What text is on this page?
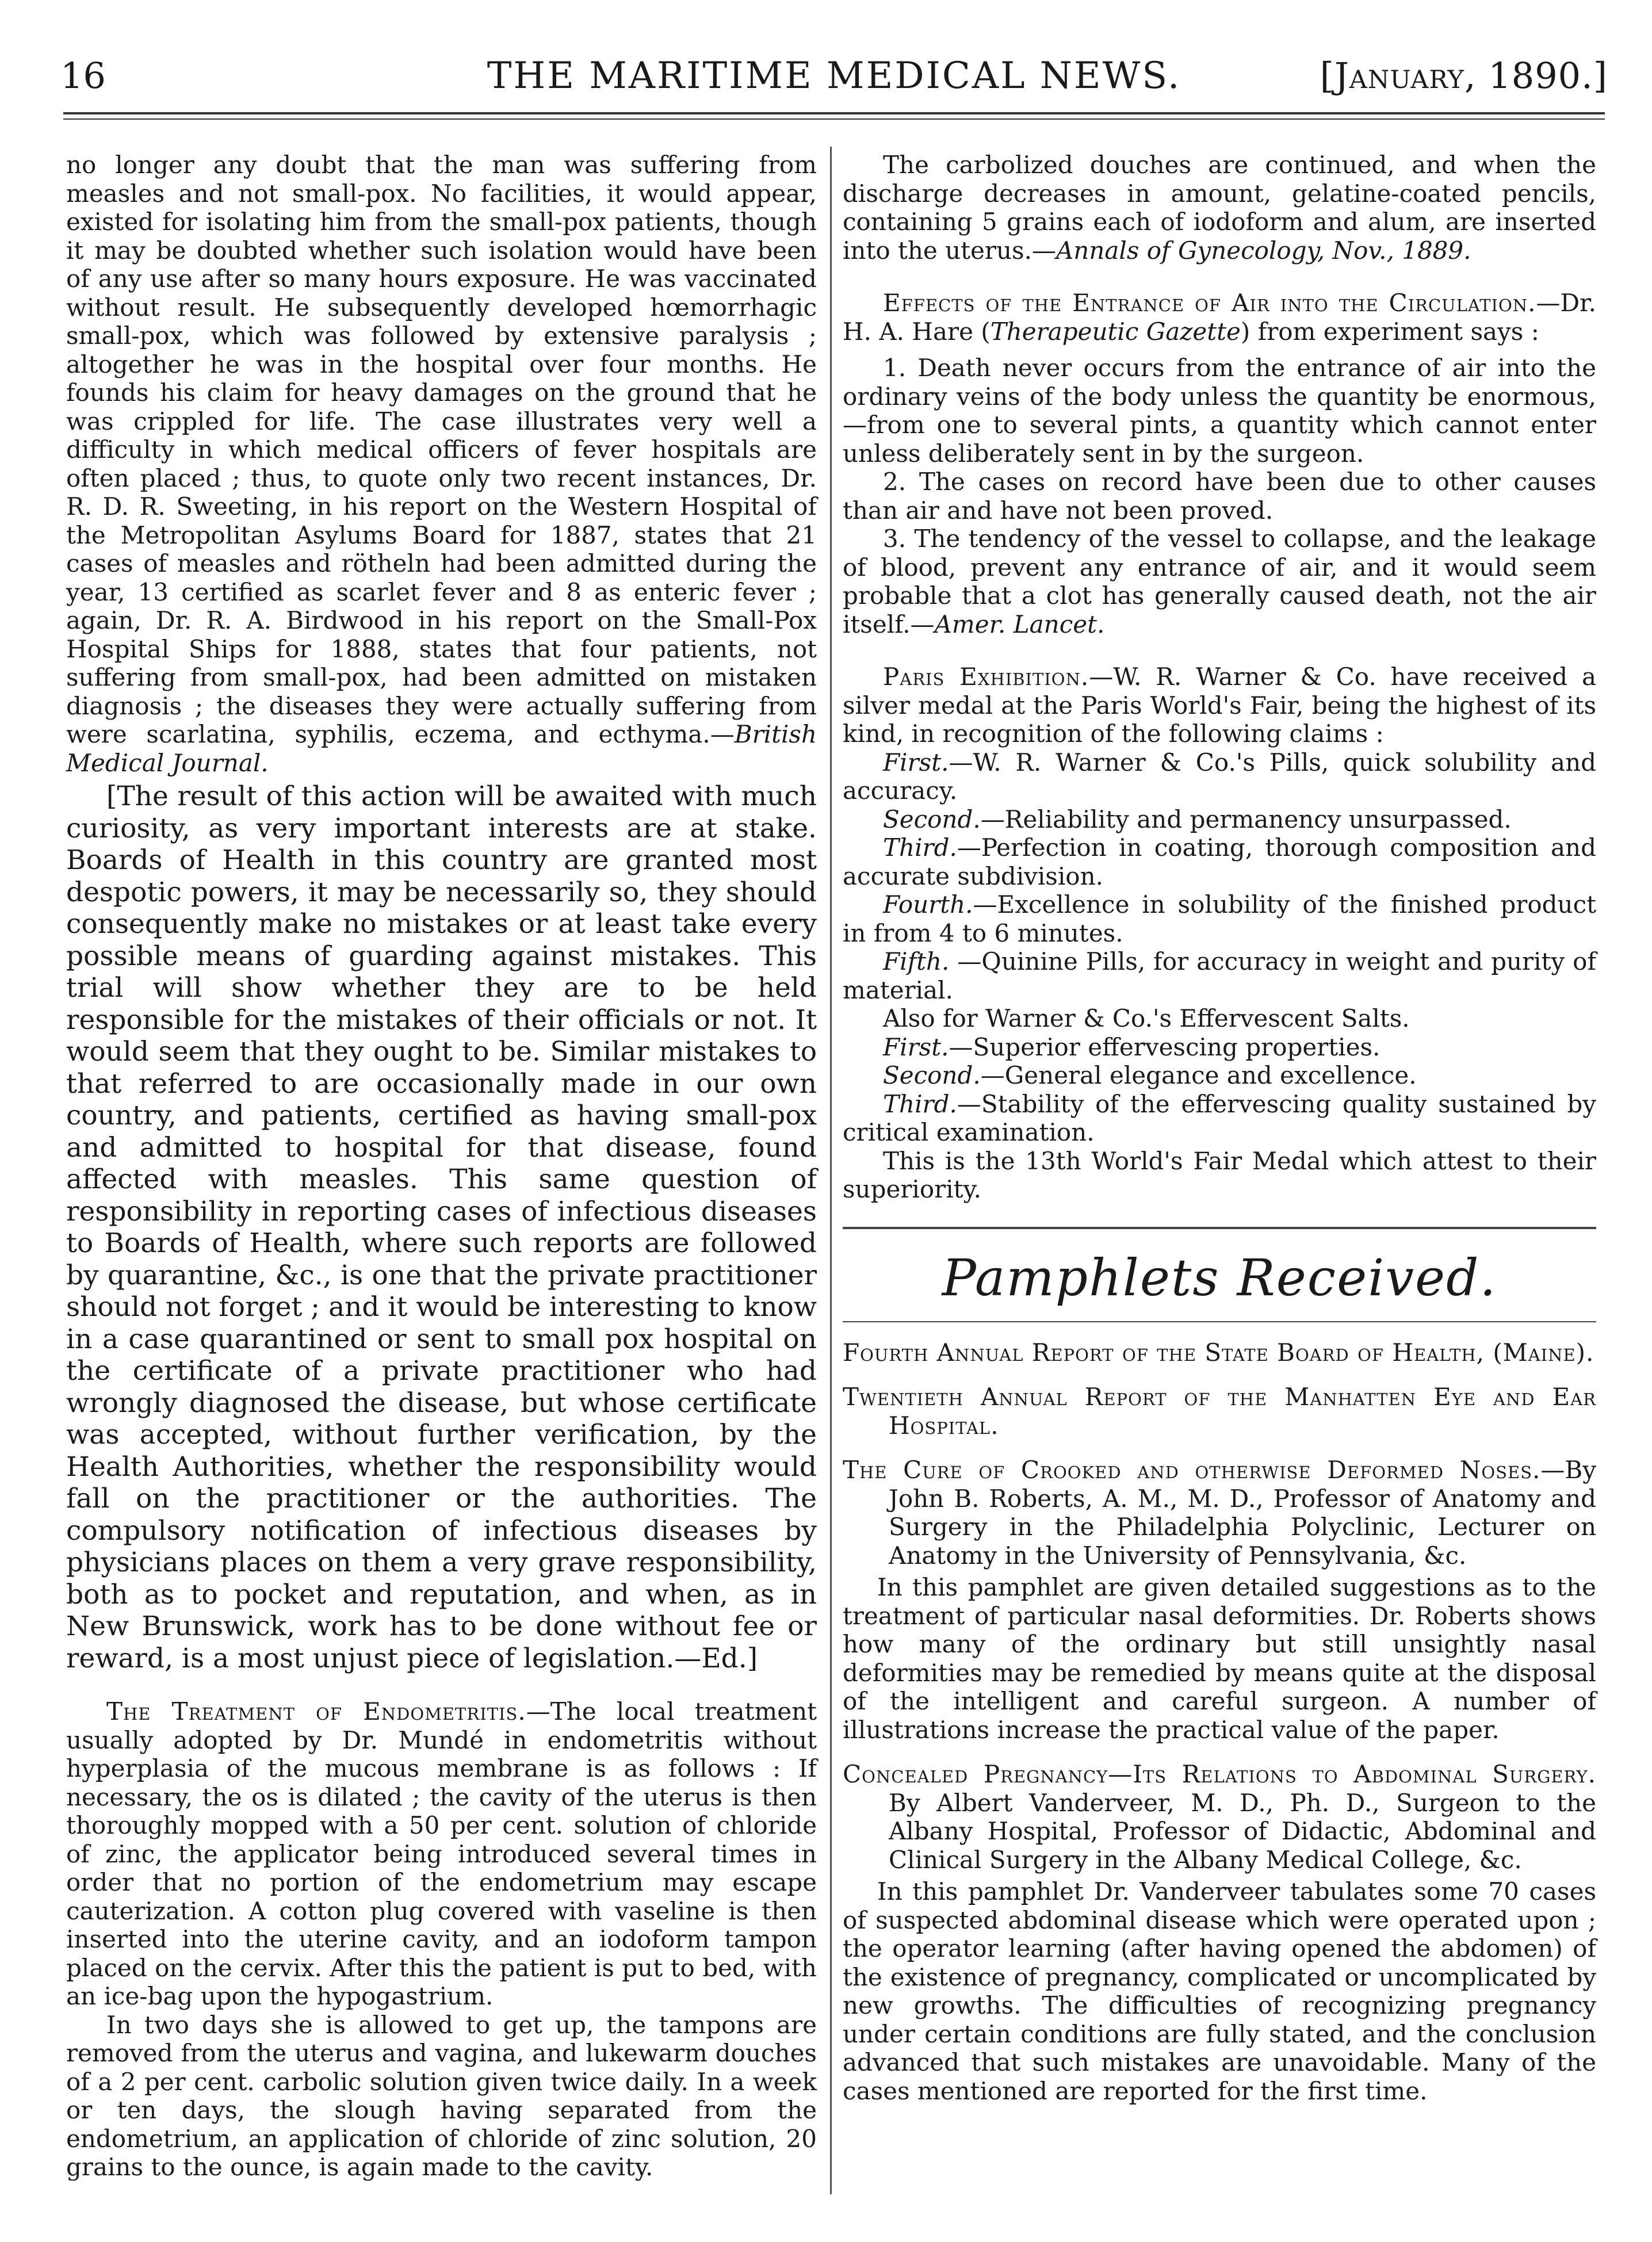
16	THE MARITIME MEDICAL NEWS.	[January, 1890.]

no longer any doubt that the man was suffering from measles and not small-pox. No facilities, it would appear, existed for isolating him from the small-pox patients, though it may be doubted whether such isolation would have been of any use after so many hours exposure. He was vaccinated without result. He subsequently developed hœmorrhagic small-pox, which was followed by extensive paralysis ; altogether he was in the hospital over four months. He founds his claim for heavy damages on the ground that he was crippled for life. The case illustrates very well a difficulty in which medical officers of fever hospitals are often placed ; thus, to quote only two recent instances, Dr. R. D. R. Sweeting, in his report on the Western Hospital of the Metropolitan Asylums Board for 1887, states that 21 cases of measles and rötheln had been admitted during the year, 13 certified as scarlet fever and 8 as enteric fever ; again, Dr. R. A. Birdwood in his report on the Small-Pox Hospital Ships for 1888, states that four patients, not suffering from small-pox, had been admitted on mistaken diagnosis ; the diseases they were actually suffering from were scarlatina, syphilis, eczema, and ecthyma.—British Medical Journal.

[The result of this action will be awaited with much curiosity, as very important interests are at stake. Boards of Health in this country are granted most despotic powers, it may be necessarily so, they should consequently make no mistakes or at least take every possible means of guarding against mistakes. This trial will show whether they are to be held responsible for the mistakes of their officials or not. It would seem that they ought to be. Similar mistakes to that referred to are occasionally made in our own country, and patients, certified as having small-pox and admitted to hospital for that disease, found affected with measles. This same question of responsibility in reporting cases of infectious diseases to Boards of Health, where such reports are followed by quarantine, &c., is one that the private practitioner should not forget ; and it would be interesting to know in a case quarantined or sent to small pox hospital on the certificate of a private practitioner who had wrongly diagnosed the disease, but whose certificate was accepted, without further verification, by the Health Authorities, whether the responsibility would fall on the practitioner or the authorities. The compulsory notification of infectious diseases by physicians places on them a very grave responsibility, both as to pocket and reputation, and when, as in New Brunswick, work has to be done without fee or reward, is a most unjust piece of legislation.—Ed.]

The Treatment of Endometritis.—The local treatment usually adopted by Dr. Mundé in endometritis without hyperplasia of the mucous membrane is as follows : If necessary, the os is dilated ; the cavity of the uterus is then thoroughly mopped with a 50 per cent. solution of chloride of zinc, the applicator being introduced several times in order that no portion of the endometrium may escape cauterization. A cotton plug covered with vaseline is then inserted into the uterine cavity, and an iodoform tampon placed on the cervix. After this the patient is put to bed, with an ice-bag upon the hypogastrium.

In two days she is allowed to get up, the tampons are removed from the uterus and vagina, and lukewarm douches of a 2 per cent. carbolic solution given twice daily. In a week or ten days, the slough having separated from the endometrium, an application of chloride of zinc solution, 20 grains to the ounce, is again made to the cavity.

The carbolized douches are continued, and when the discharge decreases in amount, gelatine-coated pencils, containing 5 grains each of iodoform and alum, are inserted into the uterus.—Annals of Gynecology, Nov., 1889.

Effects of the Entrance of Air into the Circulation.—Dr. H. A. Hare (Therapeutic Gazette) from experiment says :

1. Death never occurs from the entrance of air into the ordinary veins of the body unless the quantity be enormous, —from one to several pints, a quantity which cannot enter unless deliberately sent in by the surgeon.

2. The cases on record have been due to other causes than air and have not been proved.

3. The tendency of the vessel to collapse, and the leakage of blood, prevent any entrance of air, and it would seem probable that a clot has generally caused death, not the air itself.—Amer. Lancet.

Paris Exhibition.—W. R. Warner & Co. have received a silver medal at the Paris World's Fair, being the highest of its kind, in recognition of the following claims :

First.—W. R. Warner & Co.'s Pills, quick solubility and accuracy.

Second.—Reliability and permanency unsurpassed.

Third.—Perfection in coating, thorough composition and accurate subdivision.

Fourth.—Excellence in solubility of the finished product in from 4 to 6 minutes.

Fifth. —Quinine Pills, for accuracy in weight and purity of material.

Also for Warner & Co.'s Effervescent Salts.

First.—Superior effervescing properties.

Second.—General elegance and excellence.

Third.—Stability of the effervescing quality sustained by critical examination.

This is the 13th World's Fair Medal which attest to their superiority.

Pamphlets Received.

Fourth Annual Report of the State Board of Health, (Maine).

Twentieth Annual Report of the Manhatten Eye and Ear Hospital.

The Cure of Crooked and otherwise Deformed Noses.—By John B. Roberts, A. M., M. D., Professor of Anatomy and Surgery in the Philadelphia Polyclinic, Lecturer on Anatomy in the University of Pennsylvania, &c.

In this pamphlet are given detailed suggestions as to the treatment of particular nasal deformities. Dr. Roberts shows how many of the ordinary but still unsightly nasal deformities may be remedied by means quite at the disposal of the intelligent and careful surgeon. A number of illustrations increase the practical value of the paper.

Concealed Pregnancy—Its Relations to Abdominal Surgery. By Albert Vanderveer, M. D., Ph. D., Surgeon to the Albany Hospital, Professor of Didactic, Abdominal and Clinical Surgery in the Albany Medical College, &c.

In this pamphlet Dr. Vanderveer tabulates some 70 cases of suspected abdominal disease which were operated upon ; the operator learning (after having opened the abdomen) of the existence of pregnancy, complicated or uncomplicated by new growths. The difficulties of recognizing pregnancy under certain conditions are fully stated, and the conclusion advanced that such mistakes are unavoidable. Many of the cases mentioned are reported for the first time.
